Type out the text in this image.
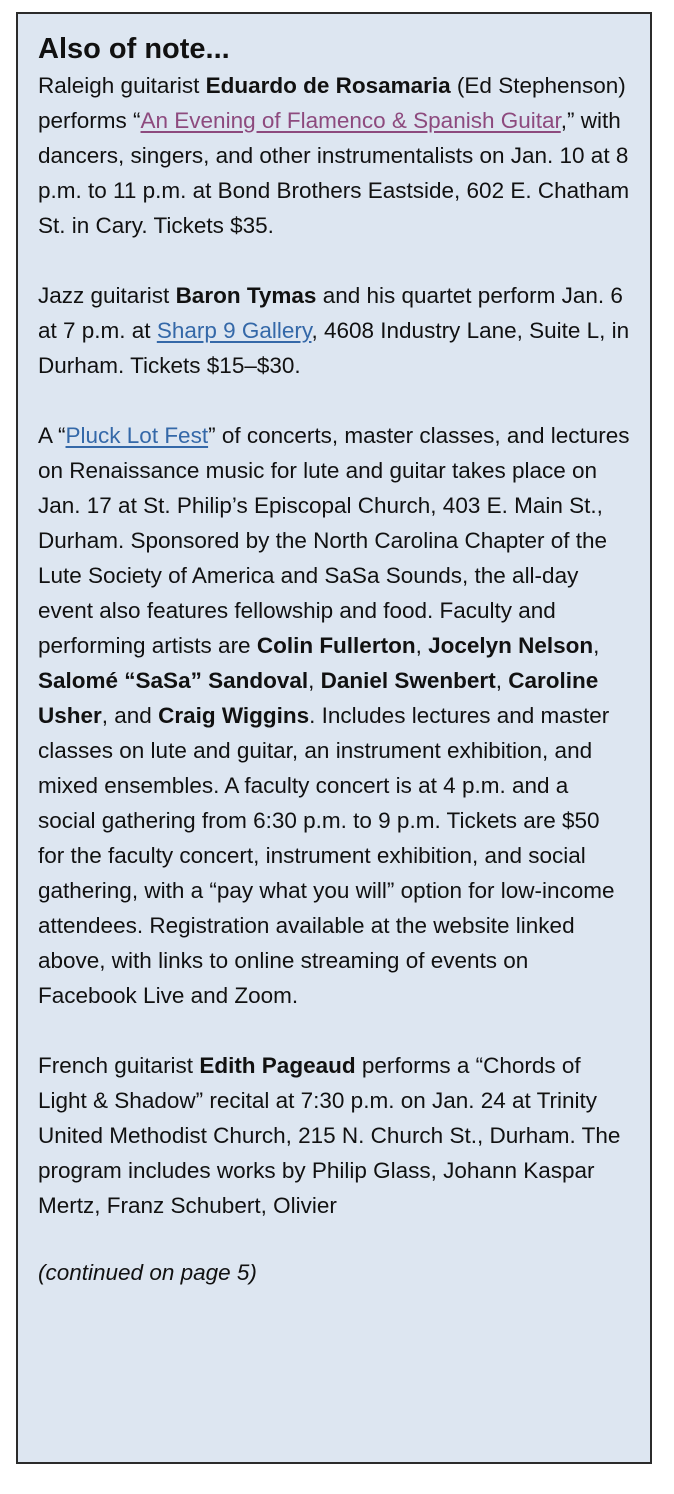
Also of note...

Raleigh guitarist Eduardo de Rosamaria (Ed Stephenson) performs “An Evening of Flamenco & Spanish Guitar,” with dancers, singers, and other instrumentalists on Jan. 10 at 8 p.m. to 11 p.m. at Bond Brothers Eastside, 602 E. Chatham St. in Cary. Tickets $35.

Jazz guitarist Baron Tymas and his quartet perform Jan. 6 at 7 p.m. at Sharp 9 Gallery, 4608 Industry Lane, Suite L, in Durham. Tickets $15–$30.

A “Pluck Lot Fest” of concerts, master classes, and lectures on Renaissance music for lute and guitar takes place on Jan. 17 at St. Philip’s Episcopal Church, 403 E. Main St., Durham. Sponsored by the North Carolina Chapter of the Lute Society of America and SaSa Sounds, the all-day event also features fellowship and food. Faculty and performing artists are Colin Fullerton, Jocelyn Nelson, Salomé “SaSa” Sandoval, Daniel Swenbert, Caroline Usher, and Craig Wiggins. Includes lectures and master classes on lute and guitar, an instrument exhibition, and mixed ensembles. A faculty concert is at 4 p.m. and a social gathering from 6:30 p.m. to 9 p.m. Tickets are $50 for the faculty concert, instrument exhibition, and social gathering, with a “pay what you will” option for low-income attendees. Registration available at the website linked above, with links to online streaming of events on Facebook Live and Zoom.

French guitarist Edith Pageaud performs a “Chords of Light & Shadow” recital at 7:30 p.m. on Jan. 24 at Trinity United Methodist Church, 215 N. Church St., Durham. The program includes works by Philip Glass, Johann Kaspar Mertz, Franz Schubert, Olivier

(continued on page 5)
